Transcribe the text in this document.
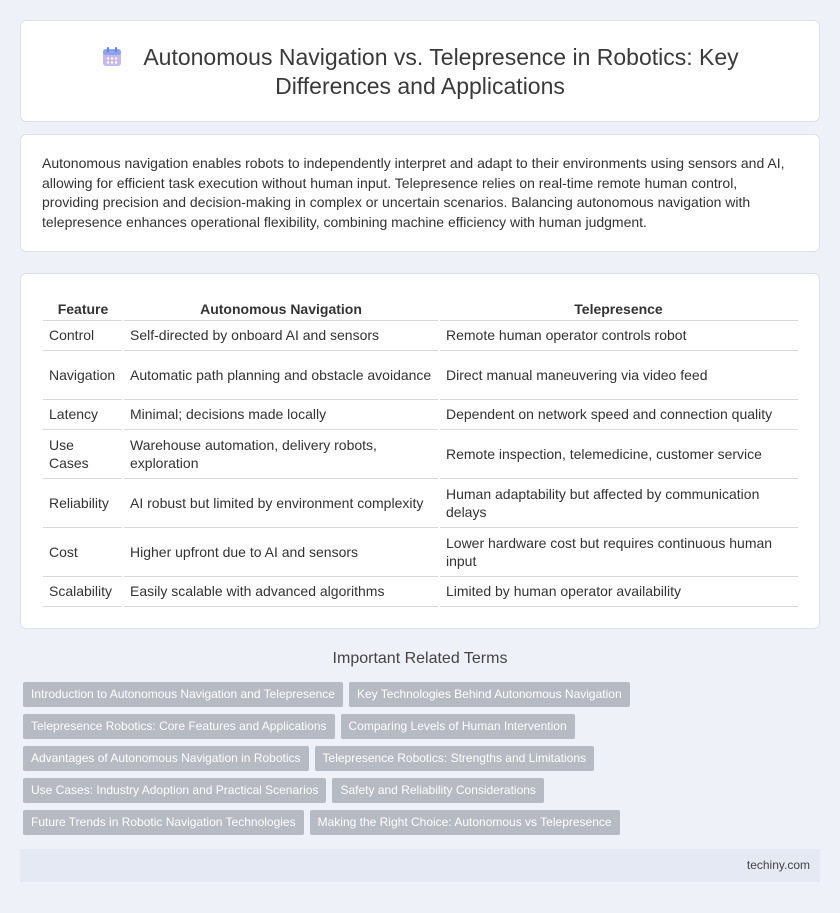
Autonomous Navigation vs. Telepresence in Robotics: Key Differences and Applications

Autonomous navigation enables robots to independently interpret and adapt to their environments using sensors and AI, allowing for efficient task execution without human input. Telepresence relies on real-time remote human control, providing precision and decision-making in complex or uncertain scenarios. Balancing autonomous navigation with telepresence enhances operational flexibility, combining machine efficiency with human judgment.

Feature	Autonomous Navigation	Telepresence
Control	Self-directed by onboard AI and sensors	Remote human operator controls robot
Navigation	Automatic path planning and obstacle avoidance	Direct manual maneuvering via video feed
Latency	Minimal; decisions made locally	Dependent on network speed and connection quality
Use Cases	Warehouse automation, delivery robots, exploration	Remote inspection, telemedicine, customer service
Reliability	AI robust but limited by environment complexity	Human adaptability but affected by communication delays
Cost	Higher upfront due to AI and sensors	Lower hardware cost but requires continuous human input
Scalability	Easily scalable with advanced algorithms	Limited by human operator availability
Important Related Terms
Introduction to Autonomous Navigation and Telepresence Key Technologies Behind Autonomous Navigation
Telepresence Robotics: Core Features and Applications Comparing Levels of Human Intervention
Advantages of Autonomous Navigation in Robotics Telepresence Robotics: Strengths and Limitations
Use Cases: Industry Adoption and Practical Scenarios Safety and Reliability Considerations
Future Trends in Robotic Navigation Technologies Making the Right Choice: Autonomous vs Telepresence
techiny.com
